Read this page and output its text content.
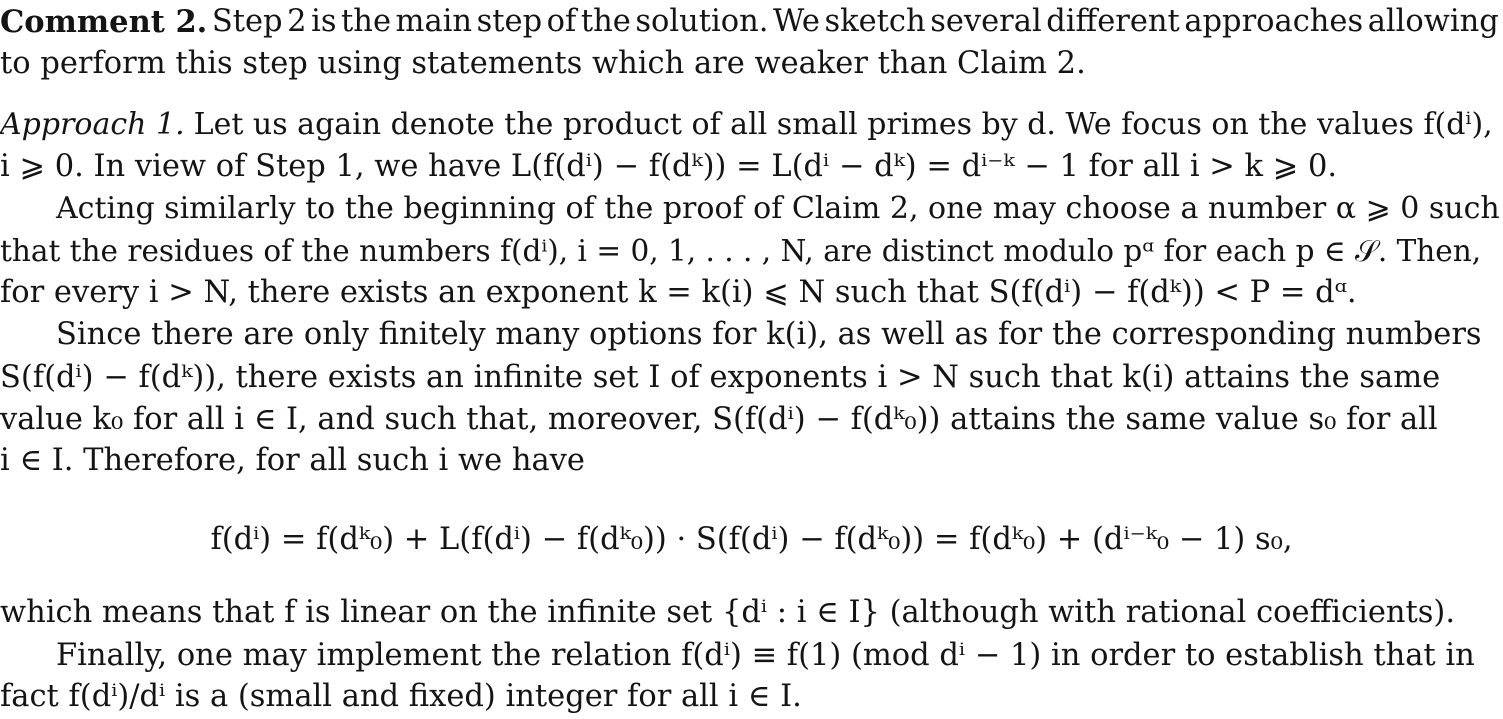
Comment 2. Step 2 is the main step of the solution. We sketch several different approaches allowing
to perform this step using statements which are weaker than Claim 2.
Approach 1. Let us again denote the product of all small primes by d. We focus on the values f(dⁱ),
i ⩾ 0. In view of Step 1, we have L(f(dⁱ) − f(dᵏ)) = L(dⁱ − dᵏ) = dⁱ⁻ᵏ − 1 for all i > k ⩾ 0.
Acting similarly to the beginning of the proof of Claim 2, one may choose a number α ⩾ 0 such
that the residues of the numbers f(dⁱ), i = 0, 1, . . . , N, are distinct modulo pᵅ for each p ∈ 𝒮. Then,
for every i > N, there exists an exponent k = k(i) ⩽ N such that S(f(dⁱ) − f(dᵏ)) < P = dᵅ.
Since there are only finitely many options for k(i), as well as for the corresponding numbers
S(f(dⁱ) − f(dᵏ)), there exists an infinite set I of exponents i > N such that k(i) attains the same
value k₀ for all i ∈ I, and such that, moreover, S(f(dⁱ) − f(dᵏ₀)) attains the same value s₀ for all
i ∈ I. Therefore, for all such i we have
f(dⁱ) = f(dᵏ₀) + L(f(dⁱ) − f(dᵏ₀)) · S(f(dⁱ) − f(dᵏ₀)) = f(dᵏ₀) + (dⁱ⁻ᵏ₀ − 1) s₀,
which means that f is linear on the infinite set {dⁱ : i ∈ I} (although with rational coefficients).
Finally, one may implement the relation f(dⁱ) ≡ f(1) (mod dⁱ − 1) in order to establish that in
fact f(dⁱ)/dⁱ is a (small and fixed) integer for all i ∈ I.
